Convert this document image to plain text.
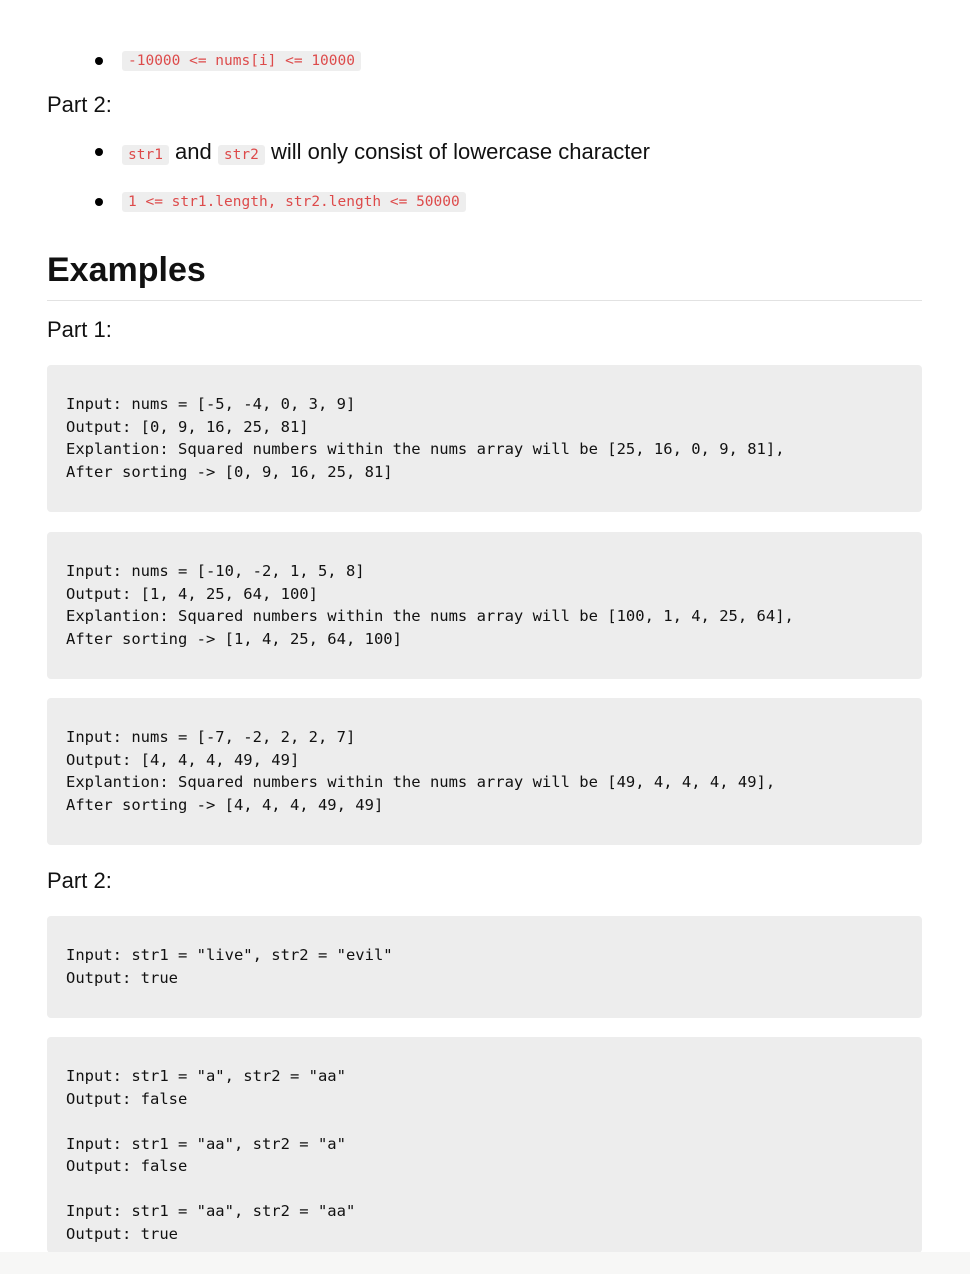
-10000 <= nums[i] <= 10000
Part 2:
str1 and str2 will only consist of lowercase character
1 <= str1.length, str2.length <= 50000
Examples
Part 1:
Input: nums = [-5, -4, 0, 3, 9]
Output: [0, 9, 16, 25, 81]
Explantion: Squared numbers within the nums array will be [25, 16, 0, 9, 81],
After sorting -> [0, 9, 16, 25, 81]
Input: nums = [-10, -2, 1, 5, 8]
Output: [1, 4, 25, 64, 100]
Explantion: Squared numbers within the nums array will be [100, 1, 4, 25, 64],
After sorting -> [1, 4, 25, 64, 100]
Input: nums = [-7, -2, 2, 2, 7]
Output: [4, 4, 4, 49, 49]
Explantion: Squared numbers within the nums array will be [49, 4, 4, 4, 49],
After sorting -> [4, 4, 4, 49, 49]
Part 2:
Input: str1 = "live", str2 = "evil"
Output: true
Input: str1 = "a", str2 = "aa"
Output: false

Input: str1 = "aa", str2 = "a"
Output: false

Input: str1 = "aa", str2 = "aa"
Output: true
